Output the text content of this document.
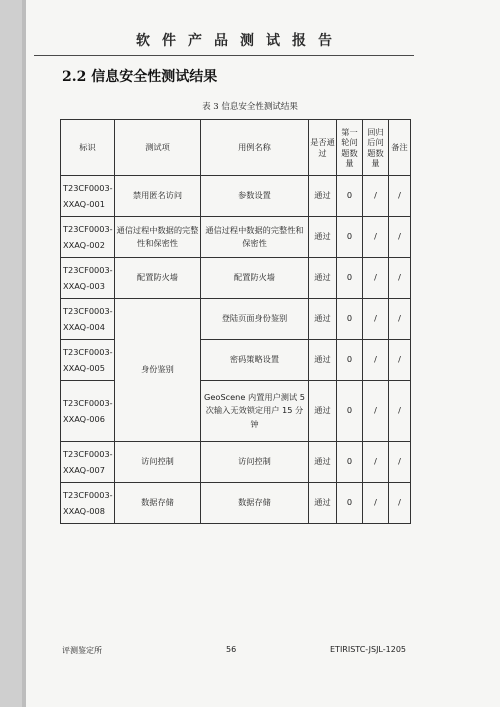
软件产品测试报告
2.2 信息安全性测试结果
表 3 信息安全性测试结果
标识	测试项	用例名称	是否通过	第一轮问题数量	回归后问题数量	备注
T23CF0003-XXAQ-001	禁用匿名访问	参数设置	通过	0	/	/
T23CF0003-XXAQ-002	通信过程中数据的完整性和保密性	通信过程中数据的完整性和保密性	通过	0	/	/
T23CF0003-XXAQ-003	配置防火墙	配置防火墙	通过	0	/	/
T23CF0003-XXAQ-004	身份鉴别	登陆页面身份鉴别	通过	0	/	/
T23CF0003-XXAQ-005		密码策略设置	通过	0	/	/
T23CF0003-XXAQ-006		GeoScene 内置用户测试 5 次输入无效锁定用户 15 分钟	通过	0	/	/
T23CF0003-XXAQ-007	访问控制	访问控制	通过	0	/	/
T23CF0003-XXAQ-008	数据存储	数据存储	通过	0	/	/
评测鉴定所	56	ETIRISTC-JSJL-1205
